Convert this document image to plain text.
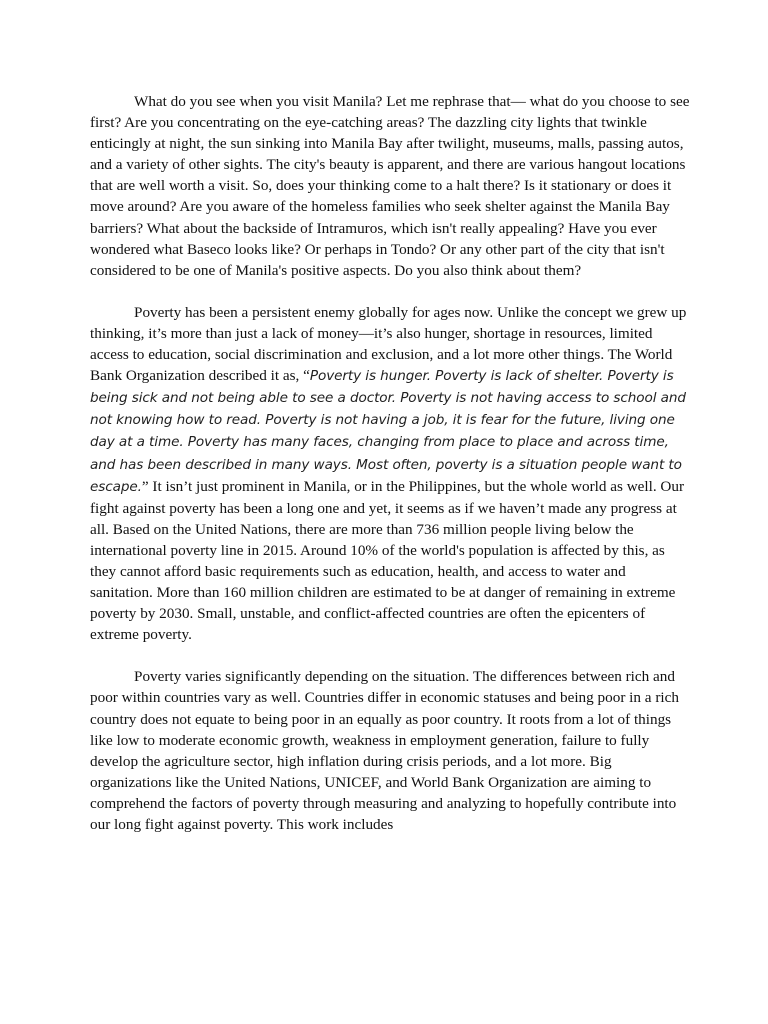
What do you see when you visit Manila? Let me rephrase that— what do you choose to see first? Are you concentrating on the eye-catching areas? The dazzling city lights that twinkle enticingly at night, the sun sinking into Manila Bay after twilight, museums, malls, passing autos, and a variety of other sights. The city's beauty is apparent, and there are various hangout locations that are well worth a visit. So, does your thinking come to a halt there? Is it stationary or does it move around? Are you aware of the homeless families who seek shelter against the Manila Bay barriers? What about the backside of Intramuros, which isn't really appealing? Have you ever wondered what Baseco looks like? Or perhaps in Tondo? Or any other part of the city that isn't considered to be one of Manila's positive aspects. Do you also think about them?

Poverty has been a persistent enemy globally for ages now. Unlike the concept we grew up thinking, it’s more than just a lack of money—it’s also hunger, shortage in resources, limited access to education, social discrimination and exclusion, and a lot more other things. The World Bank Organization described it as, “Poverty is hunger. Poverty is lack of shelter. Poverty is being sick and not being able to see a doctor. Poverty is not having access to school and not knowing how to read. Poverty is not having a job, it is fear for the future, living one day at a time. Poverty has many faces, changing from place to place and across time, and has been described in many ways. Most often, poverty is a situation people want to escape.” It isn’t just prominent in Manila, or in the Philippines, but the whole world as well. Our fight against poverty has been a long one and yet, it seems as if we haven’t made any progress at all. Based on the United Nations, there are more than 736 million people living below the international poverty line in 2015. Around 10% of the world's population is affected by this, as they cannot afford basic requirements such as education, health, and access to water and sanitation. More than 160 million children are estimated to be at danger of remaining in extreme poverty by 2030. Small, unstable, and conflict-affected countries are often the epicenters of extreme poverty.

Poverty varies significantly depending on the situation. The differences between rich and poor within countries vary as well. Countries differ in economic statuses and being poor in a rich country does not equate to being poor in an equally as poor country. It roots from a lot of things like low to moderate economic growth, weakness in employment generation, failure to fully develop the agriculture sector, high inflation during crisis periods, and a lot more. Big organizations like the United Nations, UNICEF, and World Bank Organization are aiming to comprehend the factors of poverty through measuring and analyzing to hopefully contribute into our long fight against poverty. This work includes
